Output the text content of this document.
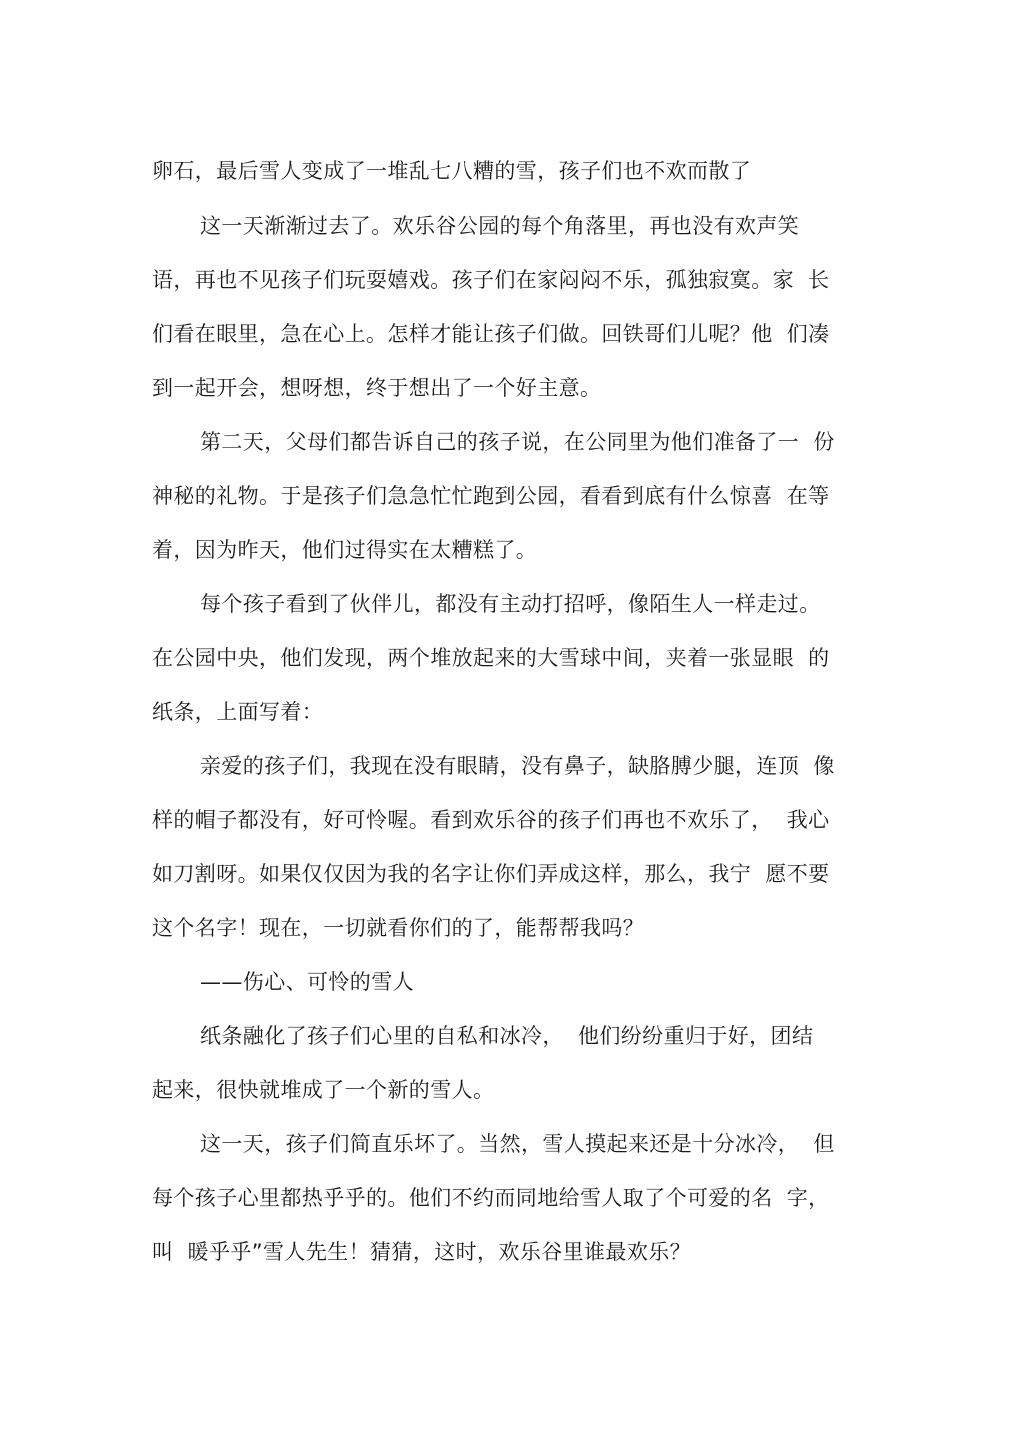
卵石，最后雪人变成了一堆乱七八糟的雪，孩子们也不欢而散了
这一天渐渐过去了。欢乐谷公园的每个角落里，再也没有欢声笑
语，再也不见孩子们玩耍嬉戏。孩子们在家闷闷不乐，孤独寂寞。家  长
们看在眼里，急在心上。怎样才能让孩子们做。回铁哥们儿呢？他  们凑
到一起开会，想呀想，终于想出了一个好主意。
第二天，父母们都告诉自己的孩子说，在公同里为他们准备了一  份
神秘的礼物。于是孩子们急急忙忙跑到公园，看看到底有什么惊喜  在等
着，因为昨天，他们过得实在太糟糕了。
每个孩子看到了伙伴儿，都没有主动打招呼，像陌生人一样走过。
在公园中央，他们发现，两个堆放起来的大雪球中间，夹着一张显眼  的
纸条，上面写着：
亲爱的孩子们，我现在没有眼睛，没有鼻子，缺胳膊少腿，连顶  像
样的帽子都没有，好可怜喔。看到欢乐谷的孩子们再也不欢乐了，  我心
如刀割呀。如果仅仅因为我的名字让你们弄成这样，那么，我宁  愿不要
这个名字！现在，一切就看你们的了，能帮帮我吗？
——伤心、可怜的雪人
纸条融化了孩子们心里的自私和冰冷，  他们纷纷重归于好，团结
起来，很快就堆成了一个新的雪人。
这一天，孩子们简直乐坏了。当然，雪人摸起来还是十分冰冷，  但
每个孩子心里都热乎乎的。他们不约而同地给雪人取了个可爱的名  字，
叫  暖乎乎”雪人先生！猜猜，这时，欢乐谷里谁最欢乐？
